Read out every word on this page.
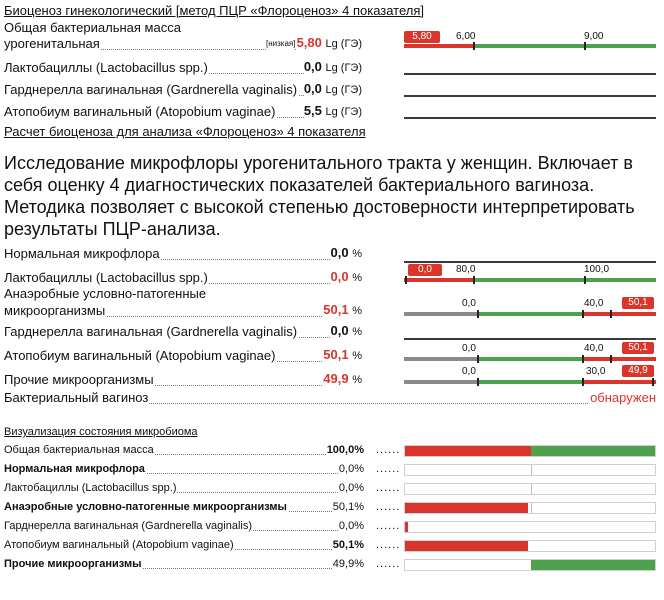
Биоценоз гинекологический [метод ПЦР «Флороценоз» 4 показателя]
Общая бактериальная масса
урогенитальная	[низкая] 5,80 Lg (ГЭ)
Лактобациллы (Lactobacillus spp.)	0,0 Lg (ГЭ)
Гарднерелла вагинальная (Gardnerella vaginalis) 0,0 Lg (ГЭ)
Атопобиум вагинальный (Atopobium vaginae) 5,5 Lg (ГЭ)
5,80	6,00	9,00
Расчет биоценоза для анализа «Флороценоз» 4 показателя
Исследование микрофлоры урогенитального тракта у женщин. Включает в себя оценку 4 диагностических показателей бактериального вагиноза. Методика позволяет с высокой степенью достоверности интерпретировать результаты ПЦР-анализа.
Нормальная микрофлора	0,0 %
Лактобациллы (Lactobacillus spp.)	0,0 %
0,0	80,0	100,0
Анаэробные условно-патогенные
микроорганизмы	50,1 %
0,0	40,0	50,1
Гарднерелла вагинальная (Gardnerella vaginalis)	0,0 %
Атопобиум вагинальный (Atopobium vaginae)	50,1 %
0,0	40,0	50,1
Прочие микроорганизмы	49,9 %
0,0	30,0	49,9
Бактериальный вагиноз	обнаружен
Визуализация состояния микробиома
Общая бактериальная масса	100,0% ......
Нормальная микрофлора	0,0% ......
Лактобациллы (Lactobacillus spp.)	0,0% ......
Анаэробные условно-патогенные микроорганизмы	50,1% ......
Гарднерелла вагинальная (Gardnerella vaginalis)	0,0% ......
Атопобиум вагинальный (Atopobium vaginae)	50,1% ......
Прочие микроорганизмы	49,9% ......
